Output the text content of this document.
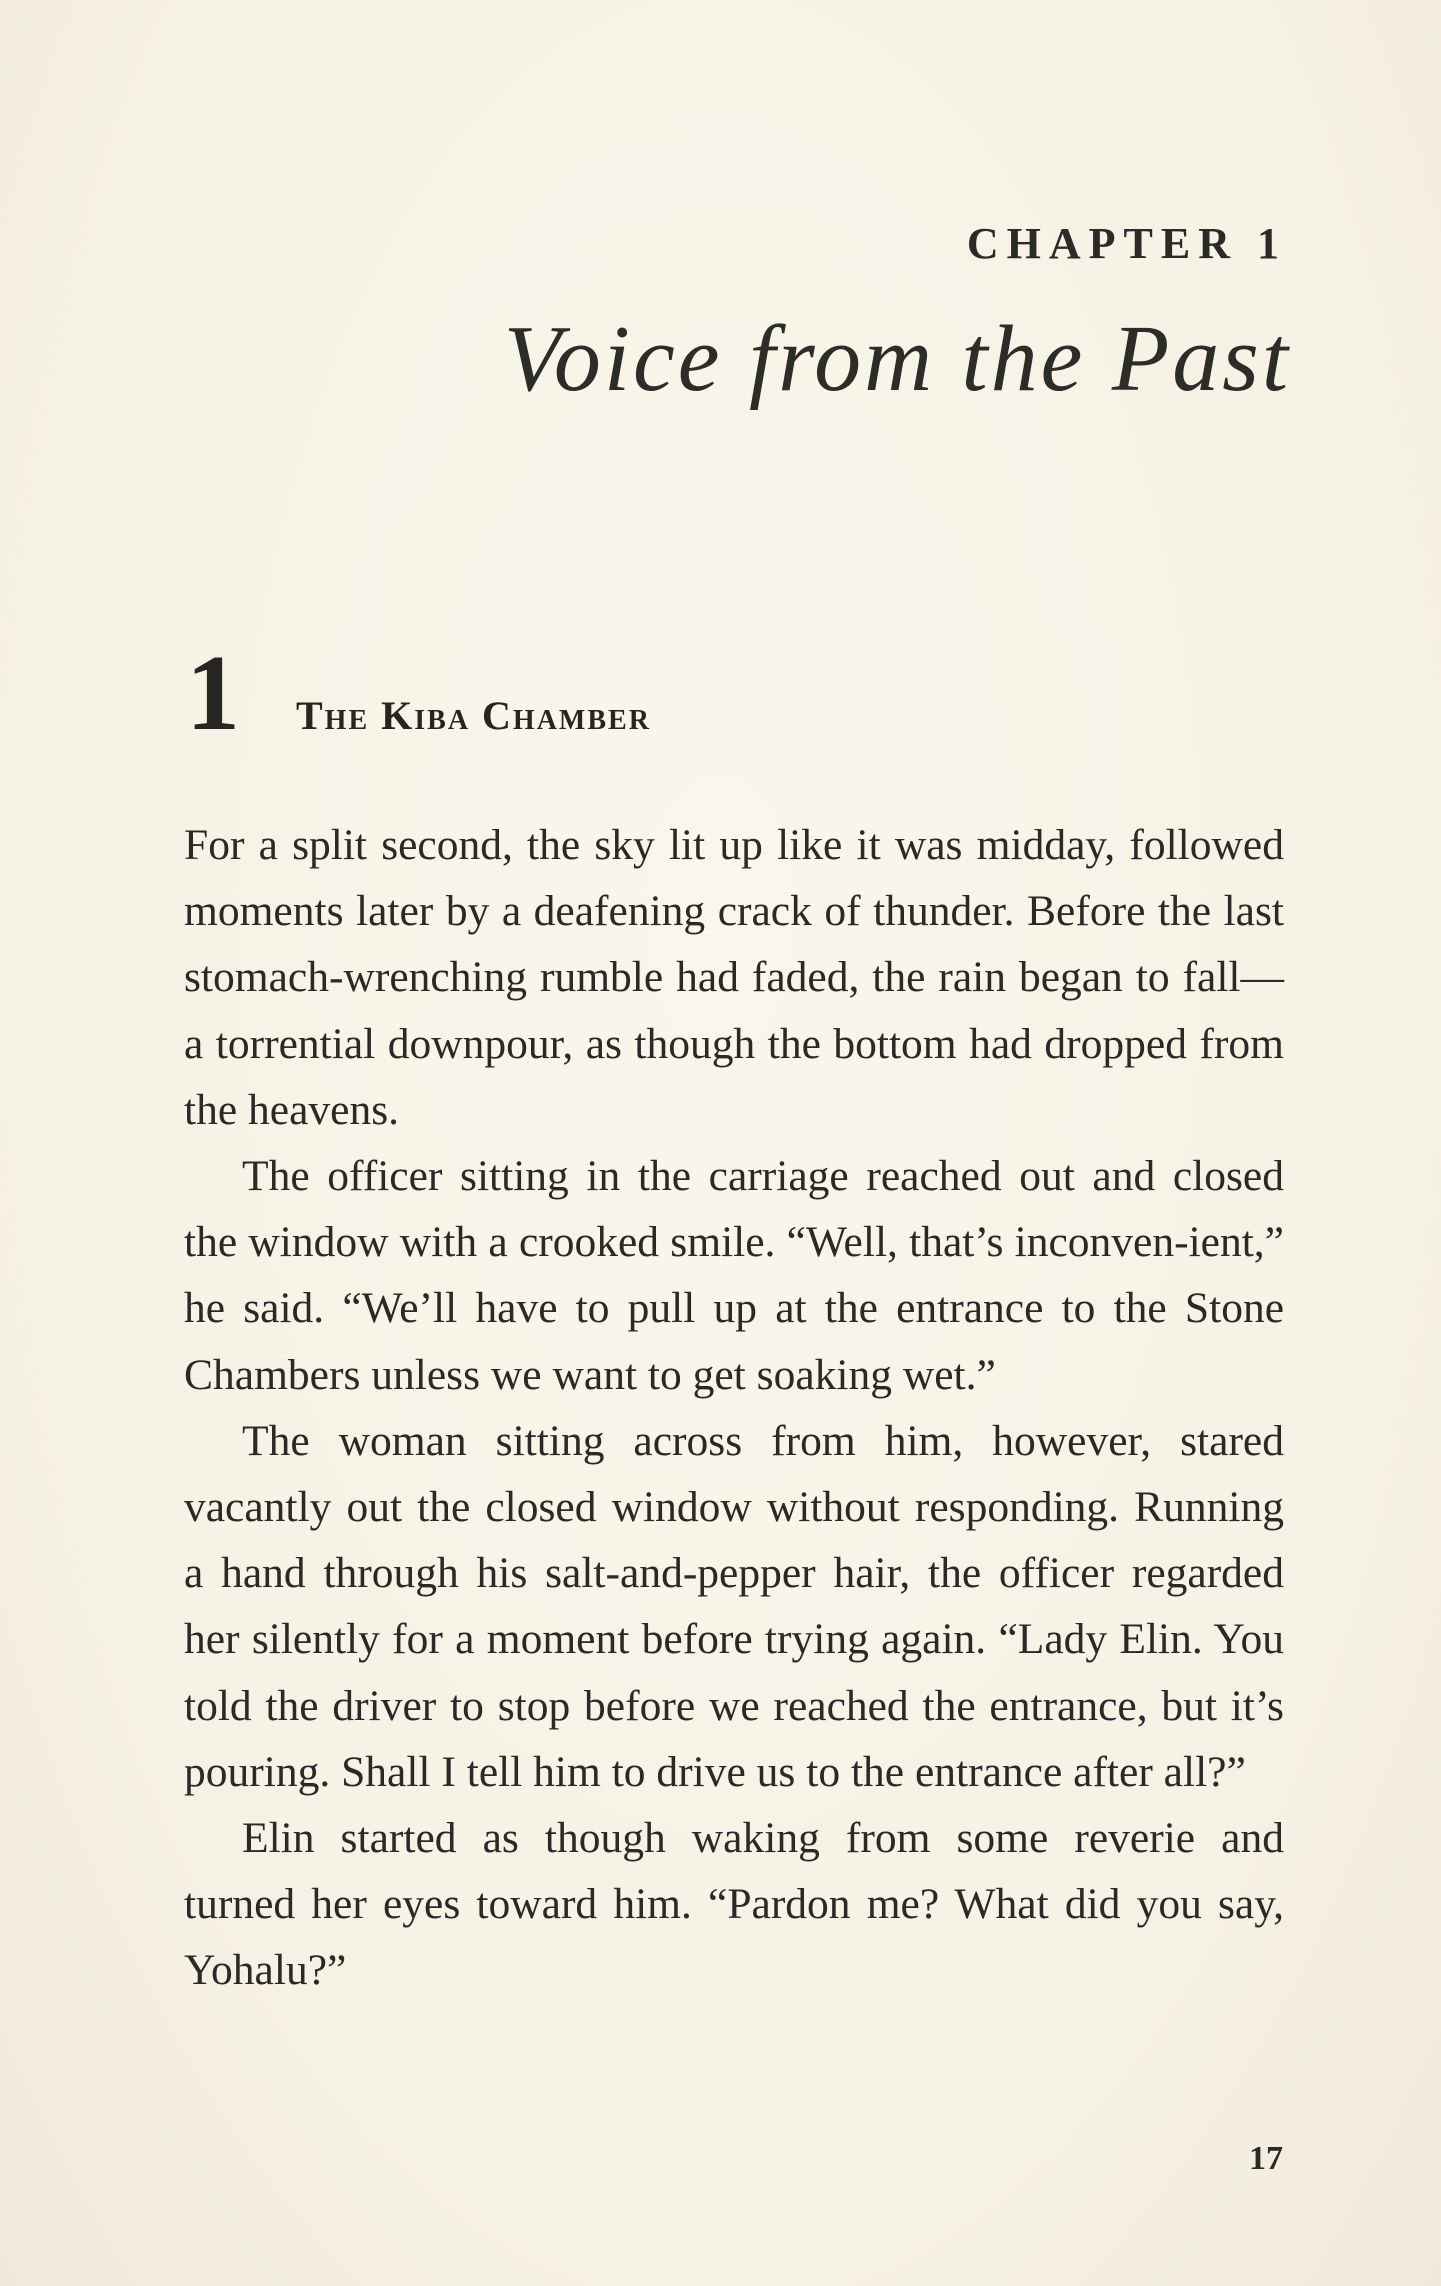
CHAPTER 1
Voice from the Past
1 The Kiba Chamber

For a split second, the sky lit up like it was midday, followed moments later by a deafening crack of thunder. Before the last stomach-wrenching rumble had faded, the rain began to fall—a torrential downpour, as though the bottom had dropped from the heavens.

The officer sitting in the carriage reached out and closed the window with a crooked smile. “Well, that’s inconven-ient,” he said. “We’ll have to pull up at the entrance to the Stone Chambers unless we want to get soaking wet.”

The woman sitting across from him, however, stared vacantly out the closed window without responding. Running a hand through his salt-and-pepper hair, the officer regarded her silently for a moment before trying again. “Lady Elin. You told the driver to stop before we reached the entrance, but it’s pouring. Shall I tell him to drive us to the entrance after all?”

Elin started as though waking from some reverie and turned her eyes toward him. “Pardon me? What did you say, Yohalu?”

17
